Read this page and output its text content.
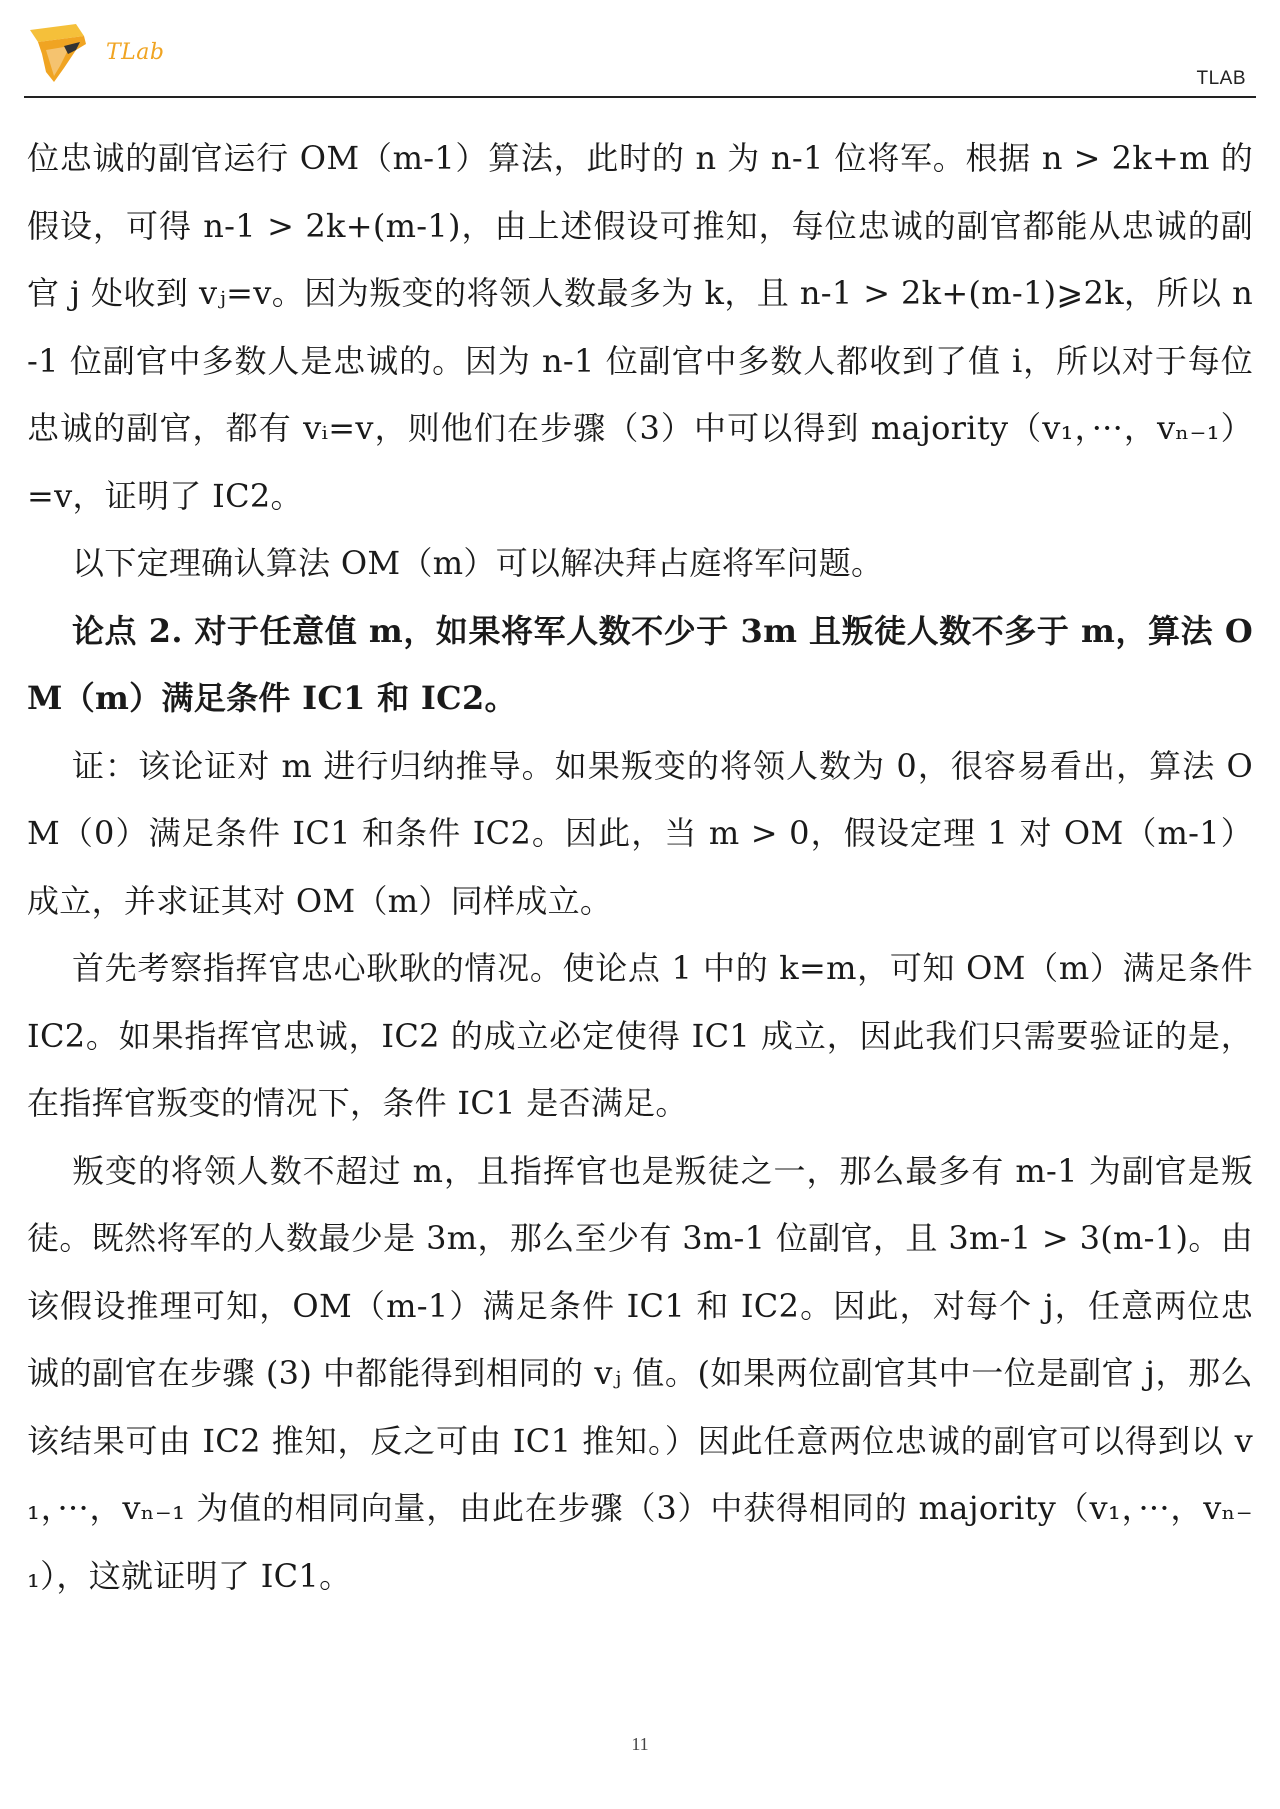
TLab
TLAB

位忠诚的副官运行 OM（m-1）算法，此时的 n 为 n-1 位将军。根据 n > 2k+m 的假设，可得 n-1 > 2k+(m-1)，由上述假设可推知，每位忠诚的副官都能从忠诚的副官 j 处收到 vⱼ=v。因为叛变的将领人数最多为 k，且 n-1 > 2k+(m-1)⩾2k，所以 n-1 位副官中多数人是忠诚的。因为 n-1 位副官中多数人都收到了值 i，所以对于每位忠诚的副官，都有 vᵢ=v，则他们在步骤（3）中可以得到 majority（v₁，···，vₙ₋₁）=v，证明了 IC2。

以下定理确认算法 OM（m）可以解决拜占庭将军问题。

论点 2. 对于任意值 m，如果将军人数不少于 3m 且叛徒人数不多于 m，算法 OM（m）满足条件 IC1 和 IC2。

证：该论证对 m 进行归纳推导。如果叛变的将领人数为 0，很容易看出，算法 OM（0）满足条件 IC1 和条件 IC2。因此，当 m > 0，假设定理 1 对 OM（m-1）成立，并求证其对 OM（m）同样成立。

首先考察指挥官忠心耿耿的情况。使论点 1 中的 k=m，可知 OM（m）满足条件 IC2。如果指挥官忠诚，IC2 的成立必定使得 IC1 成立，因此我们只需要验证的是，在指挥官叛变的情况下，条件 IC1 是否满足。

叛变的将领人数不超过 m，且指挥官也是叛徒之一，那么最多有 m-1 为副官是叛徒。既然将军的人数最少是 3m，那么至少有 3m-1 位副官，且 3m-1 > 3(m-1)。由该假设推理可知，OM（m-1）满足条件 IC1 和 IC2。因此，对每个 j，任意两位忠诚的副官在步骤 (3) 中都能得到相同的 vⱼ 值。(如果两位副官其中一位是副官 j，那么该结果可由 IC2 推知，反之可由 IC1 推知。）因此任意两位忠诚的副官可以得到以 v₁，···，vₙ₋₁ 为值的相同向量，由此在步骤（3）中获得相同的 majority（v₁，···，vₙ₋₁），这就证明了 IC1。

11
